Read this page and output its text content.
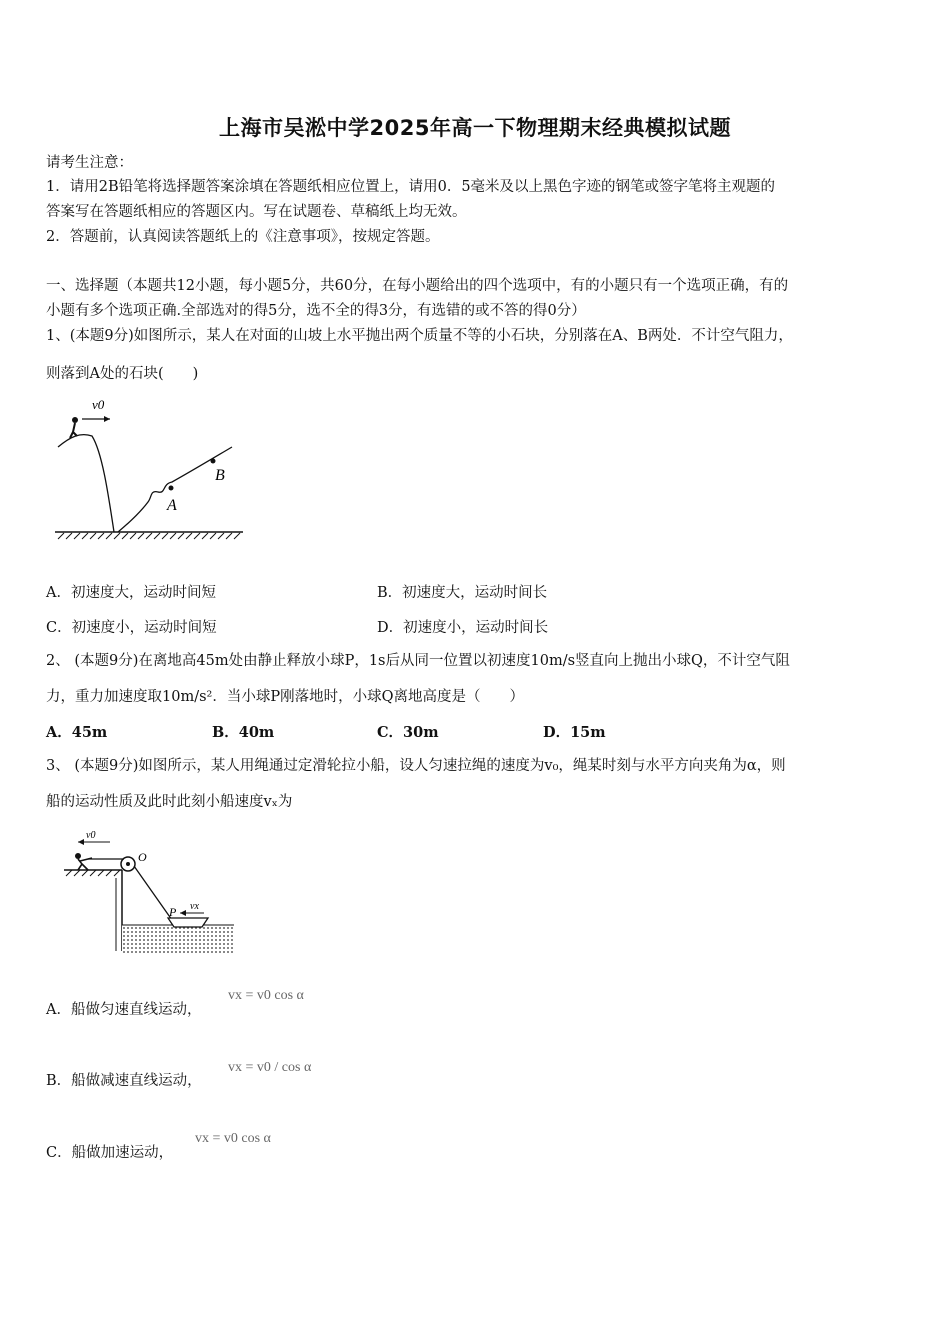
上海市吴淞中学2025年高一下物理期末经典模拟试题
请考生注意：
1．请用2B铅笔将选择题答案涂填在答题纸相应位置上，请用0．5毫米及以上黑色字迹的钢笔或签字笔将主观题的
答案写在答题纸相应的答题区内。写在试题卷、草稿纸上均无效。
2．答题前，认真阅读答题纸上的《注意事项》，按规定答题。
一、选择题（本题共12小题，每小题5分，共60分，在每小题给出的四个选项中，有的小题只有一个选项正确，有的
小题有多个选项正确.全部选对的得5分，选不全的得3分，有选错的或不答的得0分）
1、(本题9分)如图所示，某人在对面的山坡上水平抛出两个质量不等的小石块，分别落在A、B两处．不计空气阻力，
则落到A处的石块(　　)
v0
A
B
A．初速度大，运动时间短	B．初速度大，运动时间长
C．初速度小，运动时间短	D．初速度小，运动时间长
2、 (本题9分)在离地高45m处由静止释放小球P，1s后从同一位置以初速度10m/s竖直向上抛出小球Q，不计空气阻
力，重力加速度取10m/s²．当小球P刚落地时，小球Q离地高度是（　　）
A．45m	B．40m	C．30m	D．15m
3、 (本题9分)如图所示，某人用绳通过定滑轮拉小船，设人匀速拉绳的速度为v₀，绳某时刻与水平方向夹角为α，则
船的运动性质及此时此刻小船速度vₓ为
O
v0
P vx
A．船做匀速直线运动，
vx = v0 cos α
B．船做减速直线运动，
vx = v0 / cos α
C．船做加速运动，
vx = v0 cos α
